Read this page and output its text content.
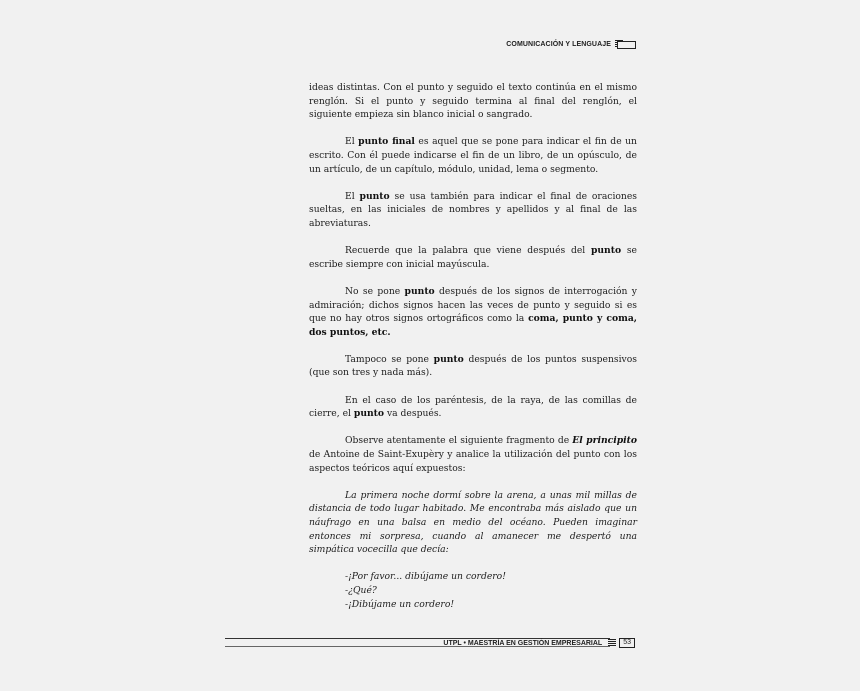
COMUNICACIÓN Y LENGUAJE

ideas distintas. Con el punto y seguido el texto continúa en el mismo renglón. Si el punto y seguido termina al final del renglón, el siguiente empieza sin blanco inicial o sangrado.

El punto final es aquel que se pone para indicar el fin de un escrito. Con él puede indicarse el fin de un libro, de un opúsculo, de un artículo, de un capítulo, módulo, unidad, lema o segmento.

El punto se usa también para indicar el final de oraciones sueltas, en las iniciales de nombres y apellidos y al final de las abreviaturas.

Recuerde que la palabra que viene después del punto se escribe siempre con inicial mayúscula.

No se pone punto después de los signos de interrogación y admiración; dichos signos hacen las veces de punto y seguido si es que no hay otros signos ortográficos como la coma, punto y coma, dos puntos, etc.

Tampoco se pone punto después de los puntos suspensivos (que son tres y nada más).

En el caso de los paréntesis, de la raya, de las comillas de cierre, el punto va después.

Observe atentamente el siguiente fragmento de El principito de Antoine de Saint-Exupèry y analice la utilización del punto con los aspectos teóricos aquí expuestos:

La primera noche dormí sobre la arena, a unas mil millas de distancia de todo lugar habitado. Me encontraba más aislado que un náufrago en una balsa en medio del océano. Pueden imaginar entonces mi sorpresa, cuando al amanecer me despertó una simpática vocecilla que decía:

-¡Por favor... dibújame un cordero!
-¿Qué?
-¡Dibújame un cordero!
UTPL • MAESTRÍA EN GESTIÓN EMPRESARIAL	53
